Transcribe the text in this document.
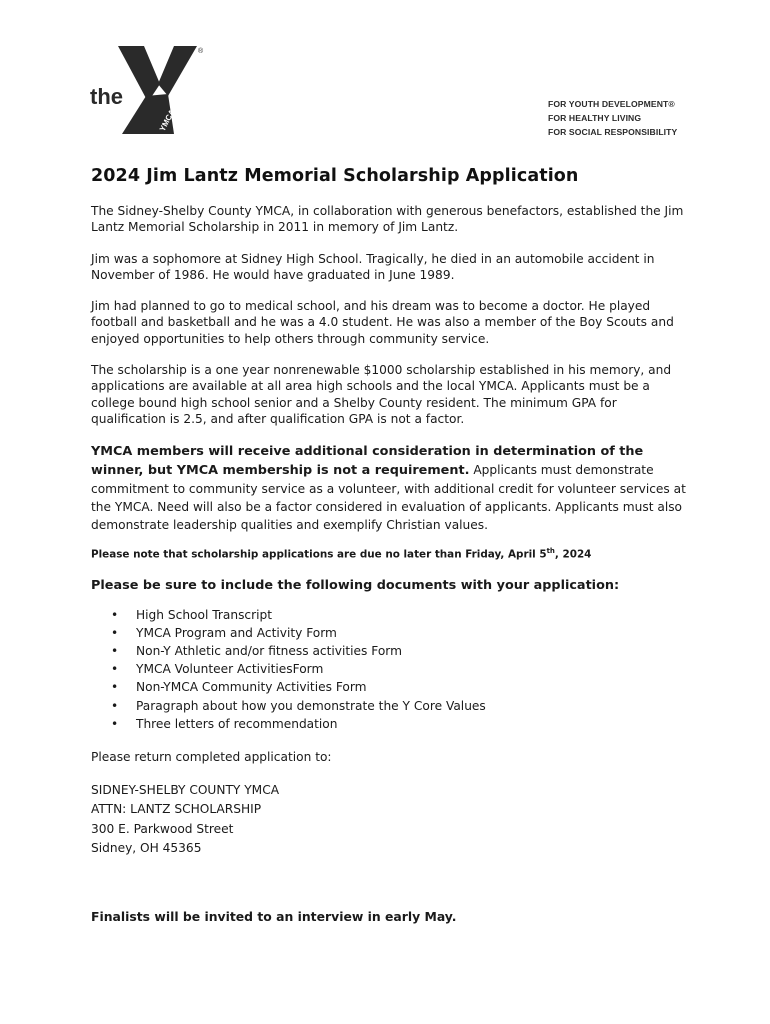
the
YMCA
®
FOR YOUTH DEVELOPMENT®
FOR HEALTHY LIVING
FOR SOCIAL RESPONSIBILITY
2024 Jim Lantz Memorial Scholarship Application

The Sidney-Shelby County YMCA, in collaboration with generous benefactors, established the Jim Lantz Memorial Scholarship in 2011 in memory of Jim Lantz.

Jim was a sophomore at Sidney High School. Tragically, he died in an automobile accident in November of 1986. He would have graduated in June 1989.

Jim had planned to go to medical school, and his dream was to become a doctor. He played football and basketball and he was a 4.0 student. He was also a member of the Boy Scouts and enjoyed opportunities to help others through community service.

The scholarship is a one year nonrenewable $1000 scholarship established in his memory, and applications are available at all area high schools and the local YMCA. Applicants must be a college bound high school senior and a Shelby County resident. The minimum GPA for qualification is 2.5, and after qualification GPA is not a factor.

YMCA members will receive additional consideration in determination of the winner, but YMCA membership is not a requirement. Applicants must demonstrate commitment to community service as a volunteer, with additional credit for volunteer services at the YMCA. Need will also be a factor considered in evaluation of applicants. Applicants must also demonstrate leadership qualities and exemplify Christian values.

Please note that scholarship applications are due no later than Friday, April 5th, 2024

Please be sure to include the following documents with your application:

• High School Transcript
• YMCA Program and Activity Form
• Non-Y Athletic and/or fitness activities Form
• YMCA Volunteer ActivitiesForm
• Non-YMCA Community Activities Form
• Paragraph about how you demonstrate the Y Core Values
• Three letters of recommendation

Please return completed application to:

SIDNEY-SHELBY COUNTY YMCA
ATTN: LANTZ SCHOLARSHIP
300 E. Parkwood Street
Sidney, OH 45365

Finalists will be invited to an interview in early May.
